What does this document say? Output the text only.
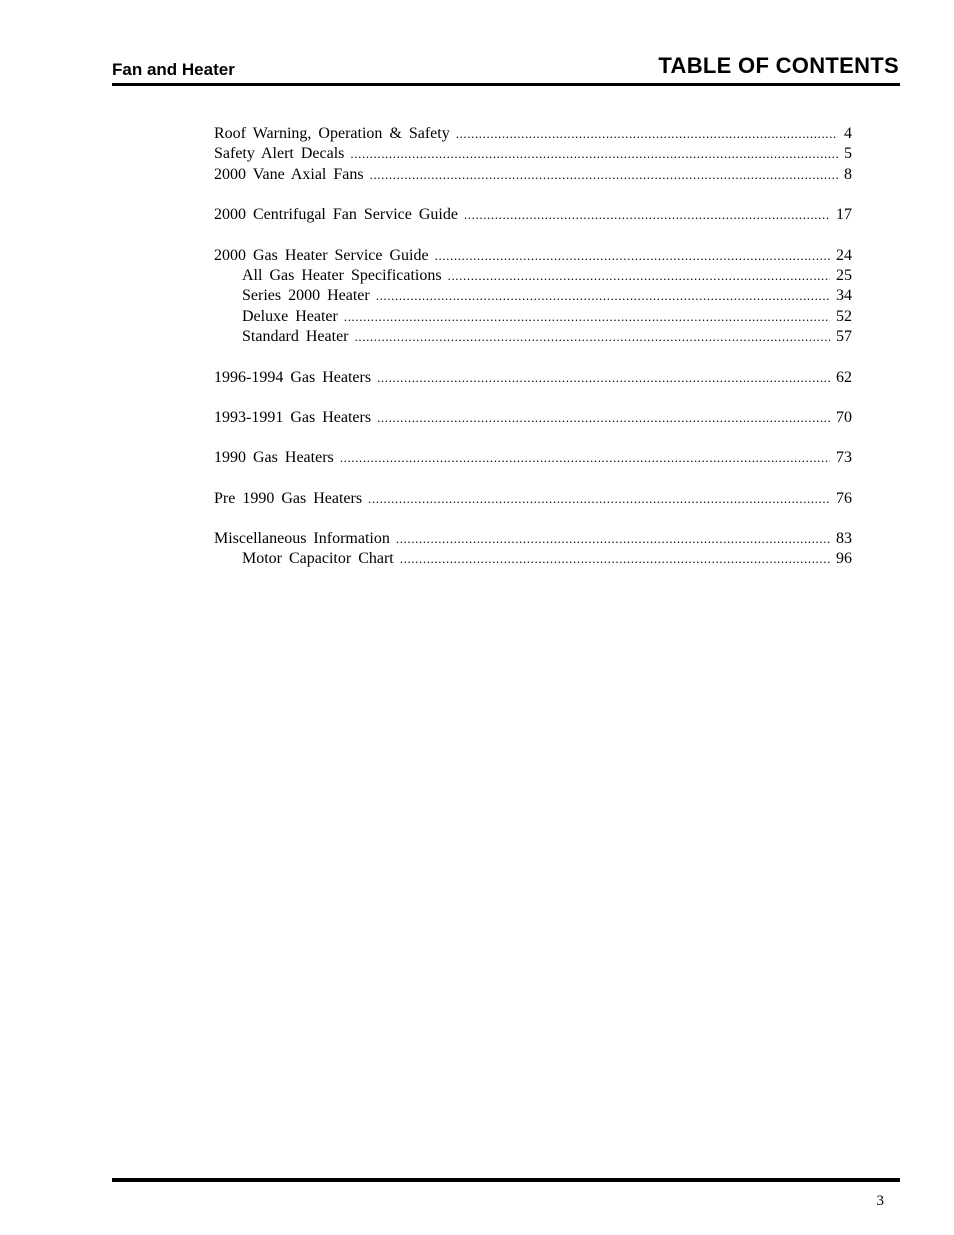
Fan and Heater	TABLE OF CONTENTS
Roof Warning, Operation & Safety .....	4
Safety Alert Decals .....	5
2000 Vane Axial Fans .....	8
2000 Centrifugal Fan Service Guide .....	17
2000 Gas Heater Service Guide .....	24
All Gas Heater Specifications .....	25
Series 2000 Heater .....	34
Deluxe Heater .....	52
Standard Heater .....	57
1996-1994 Gas Heaters .....	62
1993-1991 Gas Heaters .....	70
1990 Gas Heaters .....	73
Pre 1990 Gas Heaters .....	76
Miscellaneous Information .....	83
Motor Capacitor Chart .....	96
3
